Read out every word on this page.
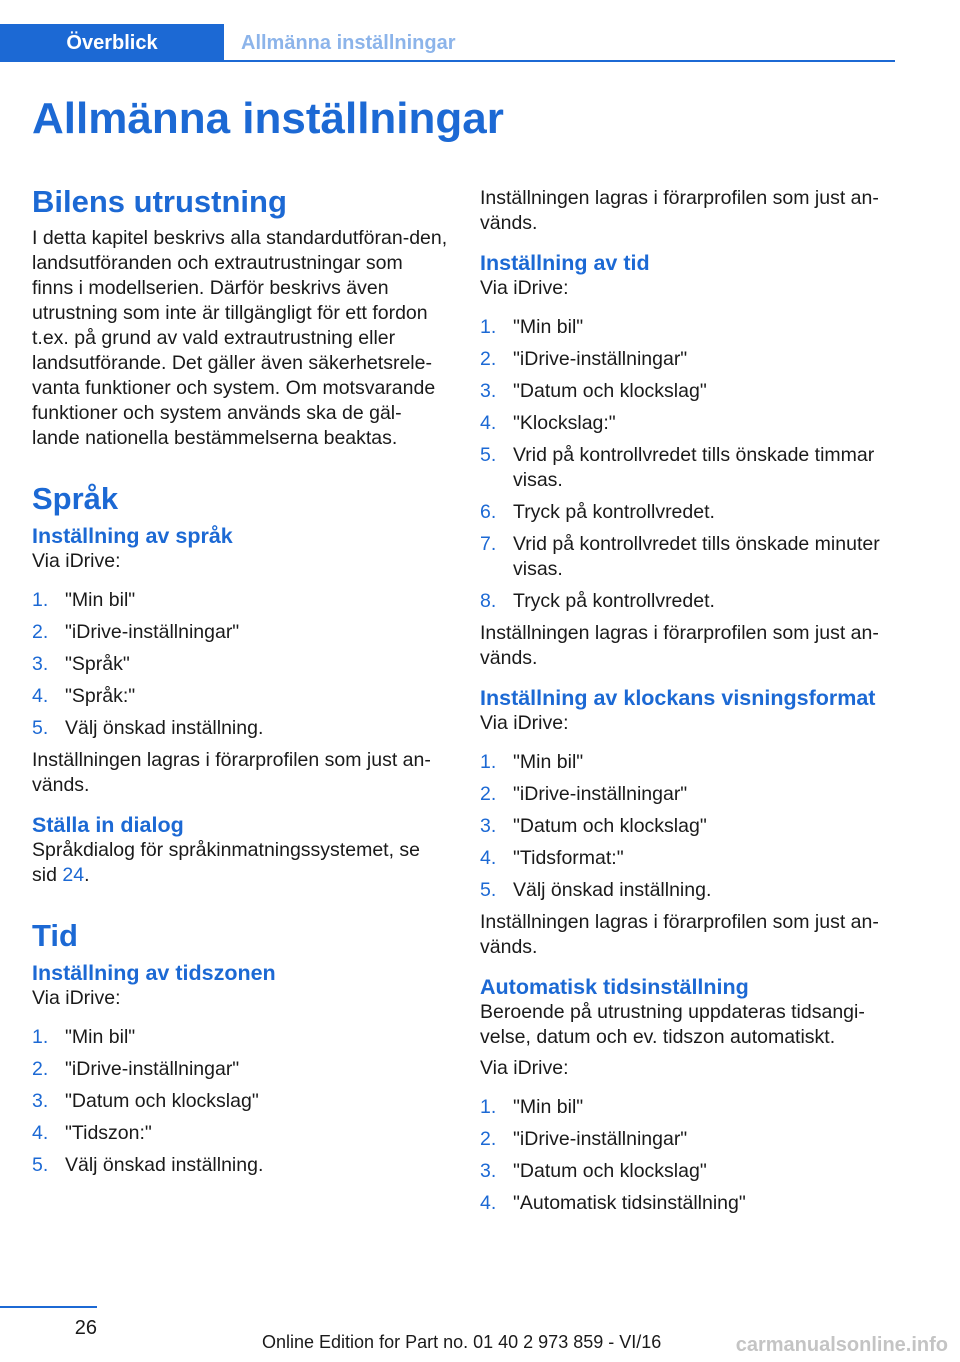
Överblick	Allmänna inställningar
Allmänna inställningar
Bilens utrustning

I detta kapitel beskrivs alla standardutföran-den, landsutföranden och extrautrustningar som finns i modellserien. Därför beskrivs även utrustning som inte är tillgängligt för ett fordon t.ex. på grund av vald extrautrustning eller landsutförande. Det gäller även säkerhetsrele-vanta funktioner och system. Om motsvarande funktioner och system används ska de gäl-lande nationella bestämmelserna beaktas.

Språk
Inställning av språk

Via iDrive:

1. "Min bil"
2. "iDrive-inställningar"
3. "Språk"
4. "Språk:"
5. Välj önskad inställning.

Inställningen lagras i förarprofilen som just an-vänds.

Ställa in dialog

Språkdialog för språkinmatningssystemet, se sid 24.

Tid
Inställning av tidszonen

Via iDrive:

1. "Min bil"
2. "iDrive-inställningar"
3. "Datum och klockslag"
4. "Tidszon:"
5. Välj önskad inställning.

Inställningen lagras i förarprofilen som just an-vänds.

Inställning av tid

Via iDrive:

1. "Min bil"
2. "iDrive-inställningar"
3. "Datum och klockslag"
4. "Klockslag:"
5. Vrid på kontrollvredet tills önskade timmar visas.
6. Tryck på kontrollvredet.
7. Vrid på kontrollvredet tills önskade minuter visas.
8. Tryck på kontrollvredet.

Inställningen lagras i förarprofilen som just an-vänds.

Inställning av klockans visningsformat

Via iDrive:

1. "Min bil"
2. "iDrive-inställningar"
3. "Datum och klockslag"
4. "Tidsformat:"
5. Välj önskad inställning.

Inställningen lagras i förarprofilen som just an-vänds.

Automatisk tidsinställning

Beroende på utrustning uppdateras tidsangi-velse, datum och ev. tidszon automatiskt.

Via iDrive:

1. "Min bil"
2. "iDrive-inställningar"
3. "Datum och klockslag"
4. "Automatisk tidsinställning"
26
Online Edition for Part no. 01 40 2 973 859 - VI/16	carmanualsonline.info
